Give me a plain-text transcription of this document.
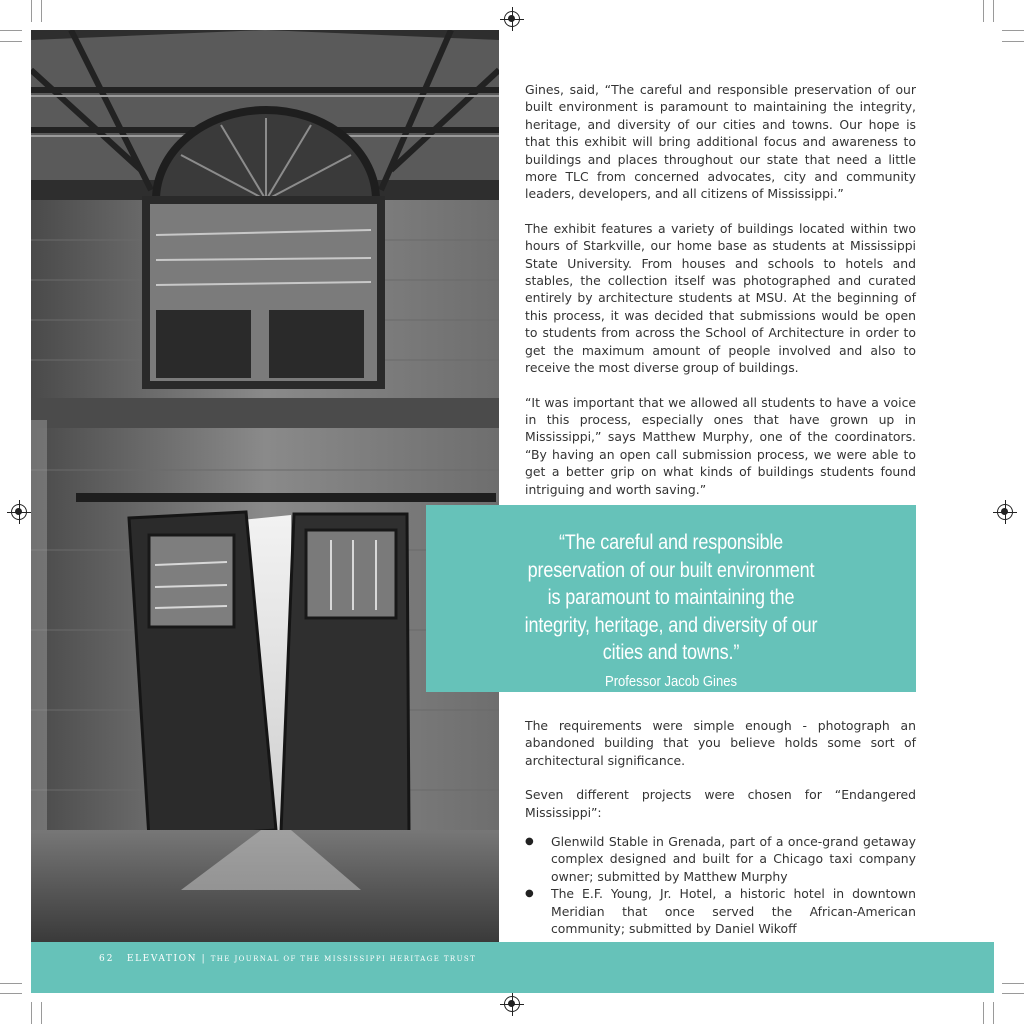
Gines, said, “The careful and responsible preservation of our built environment is paramount to maintaining the integrity, heritage, and diversity of our cities and towns. Our hope is that this exhibit will bring additional focus and awareness to buildings and places throughout our state that need a little more TLC from concerned advocates, city and community leaders, developers, and all citizens of Mississippi.”

The exhibit features a variety of buildings located within two hours of Starkville, our home base as students at Mississippi State University. From houses and schools to hotels and stables, the collection itself was photographed and curated entirely by architecture students at MSU. At the beginning of this process, it was decided that submissions would be open to students from across the School of Architecture in order to get the maximum amount of people involved and also to receive the most diverse group of buildings.

“It was important that we allowed all students to have a voice in this process, especially ones that have grown up in Mississippi,” says Matthew Murphy, one of the coordinators. “By having an open call submission process, we were able to get a better grip on what kinds of buildings students found intriguing and worth saving.”

“The careful and responsible preservation of our built environment is paramount to maintaining the integrity, heritage, and diversity of our cities and towns.”
Professor Jacob Gines

The requirements were simple enough - photograph an abandoned building that you believe holds some sort of architectural significance.

Seven different projects were chosen for “Endangered Mississippi”:

● Glenwild Stable in Grenada, part of a once-grand getaway complex designed and built for a Chicago taxi company owner; submitted by Matthew Murphy
● The E.F. Young, Jr. Hotel, a historic hotel in downtown Meridian that once served the African-American community; submitted by Daniel Wikoff
62 ELEVATION | THE JOURNAL OF THE MISSISSIPPI HERITAGE TRUST
